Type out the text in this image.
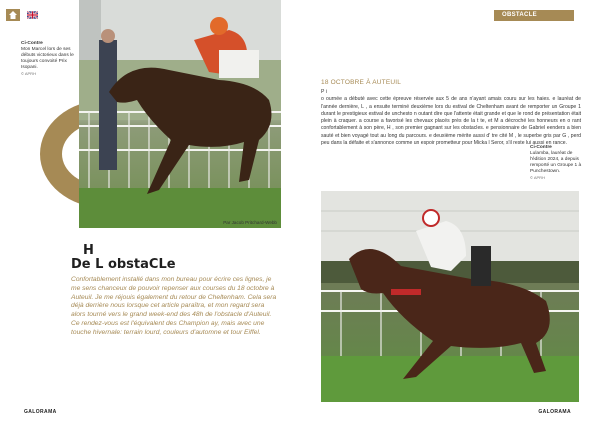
OBSTACLE
Par Jacob Pritchard-Webb
Ci-Contre
Mon Marcel lors de ses débuts victorieux dans le toujours convoité Prix Isopani.
© APRH
H
De L obstaCLe
Confortablement installé dans mon bureau pour écrire ces lignes, je me sens chanceux de pouvoir repenser aux courses du 18 octobre à Auteuil. Je me réjouis également du retour de Cheltenham. Cela sera déjà derrière nous lorsque cet article paraîtra, et mon regard sera alors tourné vers le grand week-end des 48h de l'obstacle d'Auteuil. Ce rendez-vous est l'équivalent des Champion ay, mais avec une touche hivernale: terrain lourd, couleurs d'automne et tour Eiffel.
18 OCTOBRE À AUTEUIL

P i

o ournée a débuté avec cette épreuve réservée aux 5 de ans n'ayant amais couru sur les haies. e lauréat de l'année dernière, L , a ensuite terminé deuxième lors du estival de Cheltenham avant de remporter un Groupe 1 durant le prestigieux estival de unchesto n outant dire que l'attente était grande et que le rond de présentation était plein à craquer. a course a favorisé les chevaux placés près de la t te, et M a décroché les honneurs en o rant confortablement à son père, H , son premier gagnant sur les obstacles. e pensionnaire de Gabriel eenders a bien sauté et bien voyagé tout au long du parcours. e deuxième mérite aussi d' tre cité M , le superbe gris par G , perd peu dans la défaite et s'annonce comme un espoir prometteur pour Micka l Seror, s'il reste lui aussi en rance.

Ci-Contre
Lulamba, lauréat de l'édition 2024, a depuis remporté un Groupe 1 à Punchestown.
© APRH
GALORAMA	GALORAMA
